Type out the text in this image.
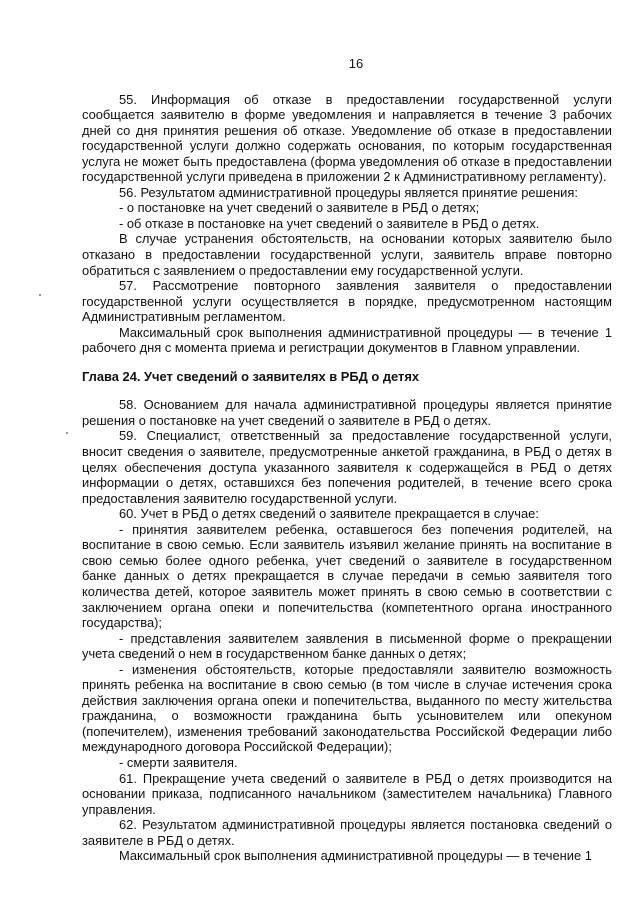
16

55. Информация об отказе в предоставлении государственной услуги сообщается заявителю в форме уведомления и направляется в течение 3 рабочих дней со дня принятия решения об отказе. Уведомление об отказе в предоставлении государственной услуги должно содержать основания, по которым государственная услуга не может быть предоставлена (форма уведомления об отказе в предоставлении государственной услуги приведена в приложении 2 к Административному регламенту).

56. Результатом административной процедуры является принятие решения:

- о постановке на учет сведений о заявителе в РБД о детях;

- об отказе в постановке на учет сведений о заявителе в РБД о детях.

В случае устранения обстоятельств, на основании которых заявителю было отказано в предоставлении государственной услуги, заявитель вправе повторно обратиться с заявлением о предоставлении ему государственной услуги.

57. Рассмотрение повторного заявления заявителя о предоставлении государственной услуги осуществляется в порядке, предусмотренном настоящим Административным регламентом.

Максимальный срок выполнения административной процедуры — в течение 1 рабочего дня с момента приема и регистрации документов в Главном управлении.

Глава 24. Учет сведений о заявителях в РБД о детях

58. Основанием для начала административной процедуры является принятие решения о постановке на учет сведений о заявителе в РБД о детях.

59. Специалист, ответственный за предоставление государственной услуги, вносит сведения о заявителе, предусмотренные анкетой гражданина, в РБД о детях в целях обеспечения доступа указанного заявителя к содержащейся в РБД о детях информации о детях, оставшихся без попечения родителей, в течение всего срока предоставления заявителю государственной услуги.

60. Учет в РБД о детях сведений о заявителе прекращается в случае:

- принятия заявителем ребенка, оставшегося без попечения родителей, на воспитание в свою семью. Если заявитель изъявил желание принять на воспитание в свою семью более одного ребенка, учет сведений о заявителе в государственном банке данных о детях прекращается в случае передачи в семью заявителя того количества детей, которое заявитель может принять в свою семью в соответствии с заключением органа опеки и попечительства (компетентного органа иностранного государства);

- представления заявителем заявления в письменной форме о прекращении учета сведений о нем в государственном банке данных о детях;

- изменения обстоятельств, которые предоставляли заявителю возможность принять ребенка на воспитание в свою семью (в том числе в случае истечения срока действия заключения органа опеки и попечительства, выданного по месту жительства гражданина, о возможности гражданина быть усыновителем или опекуном (попечителем), изменения требований законодательства Российской Федерации либо международного договора Российской Федерации);

- смерти заявителя.

61. Прекращение учета сведений о заявителе в РБД о детях производится на основании приказа, подписанного начальником (заместителем начальника) Главного управления.

62. Результатом административной процедуры является постановка сведений о заявителе в РБД о детях.

Максимальный срок выполнения административной процедуры — в течение 1
